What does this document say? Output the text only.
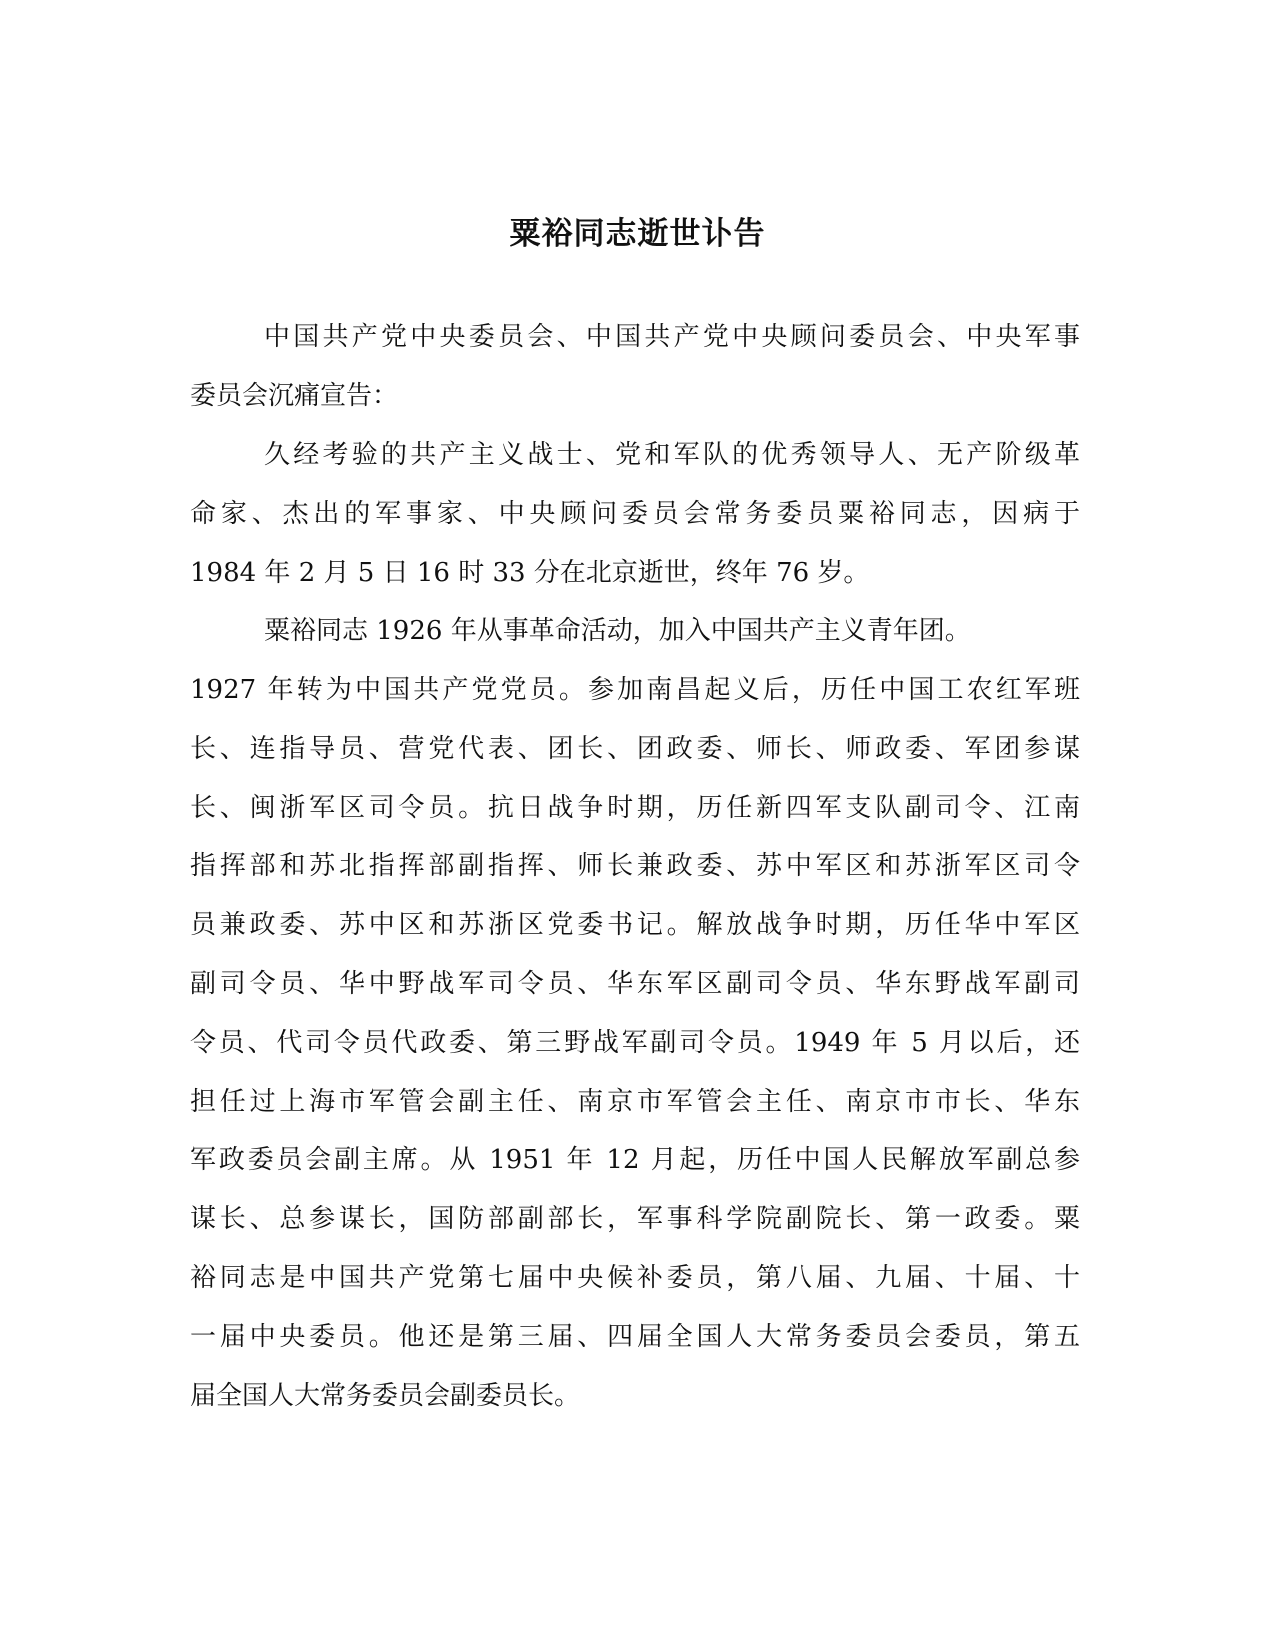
粟裕同志逝世讣告

中国共产党中央委员会、中国共产党中央顾问委员会、中央军事

委员会沉痛宣告：

久经考验的共产主义战士、党和军队的优秀领导人、无产阶级革

命家、杰出的军事家、中央顾问委员会常务委员粟裕同志，因病于

1984 年 2 月 5 日 16 时 33 分在北京逝世，终年 76 岁。

粟裕同志 1926 年从事革命活动，加入中国共产主义青年团。

1927 年转为中国共产党党员。参加南昌起义后，历任中国工农红军班

长、连指导员、营党代表、团长、团政委、师长、师政委、军团参谋

长、闽浙军区司令员。抗日战争时期，历任新四军支队副司令、江南

指挥部和苏北指挥部副指挥、师长兼政委、苏中军区和苏浙军区司令

员兼政委、苏中区和苏浙区党委书记。解放战争时期，历任华中军区

副司令员、华中野战军司令员、华东军区副司令员、华东野战军副司

令员、代司令员代政委、第三野战军副司令员。1949 年 5 月以后，还

担任过上海市军管会副主任、南京市军管会主任、南京市市长、华东

军政委员会副主席。从 1951 年 12 月起，历任中国人民解放军副总参

谋长、总参谋长，国防部副部长，军事科学院副院长、第一政委。粟

裕同志是中国共产党第七届中央候补委员，第八届、九届、十届、十

一届中央委员。他还是第三届、四届全国人大常务委员会委员，第五

届全国人大常务委员会副委员长。
